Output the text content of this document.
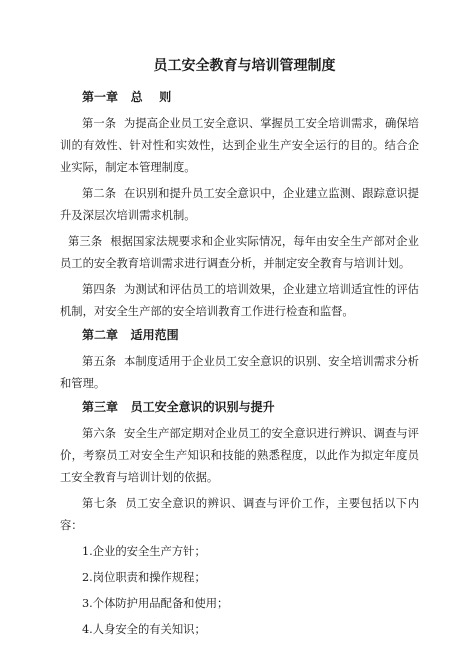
员工安全教育与培训管理制度
第一章 总    则

第一条 为提高企业员工安全意识、掌握员工安全培训需求，确保培训的有效性、针对性和实效性，达到企业生产安全运行的目的。结合企业实际，制定本管理制度。

第二条 在识别和提升员工安全意识中，企业建立监测、跟踪意识提升及深层次培训需求机制。

第三条 根据国家法规要求和企业实际情况，每年由安全生产部对企业员工的安全教育培训需求进行调查分析，并制定安全教育与培训计划。

第四条 为测试和评估员工的培训效果，企业建立培训适宜性的评估机制，对安全生产部的安全培训教育工作进行检查和监督。

第二章 适用范围

第五条 本制度适用于企业员工安全意识的识别、安全培训需求分析和管理。

第三章 员工安全意识的识别与提升

第六条 安全生产部定期对企业员工的安全意识进行辨识、调查与评价，考察员工对安全生产知识和技能的熟悉程度，以此作为拟定年度员工安全教育与培训计划的依据。

第七条 员工安全意识的辨识、调查与评价工作，主要包括以下内容：

1.企业的安全生产方针；
2.岗位职责和操作规程；
3.个体防护用品配备和使用；
4.人身安全的有关知识；
